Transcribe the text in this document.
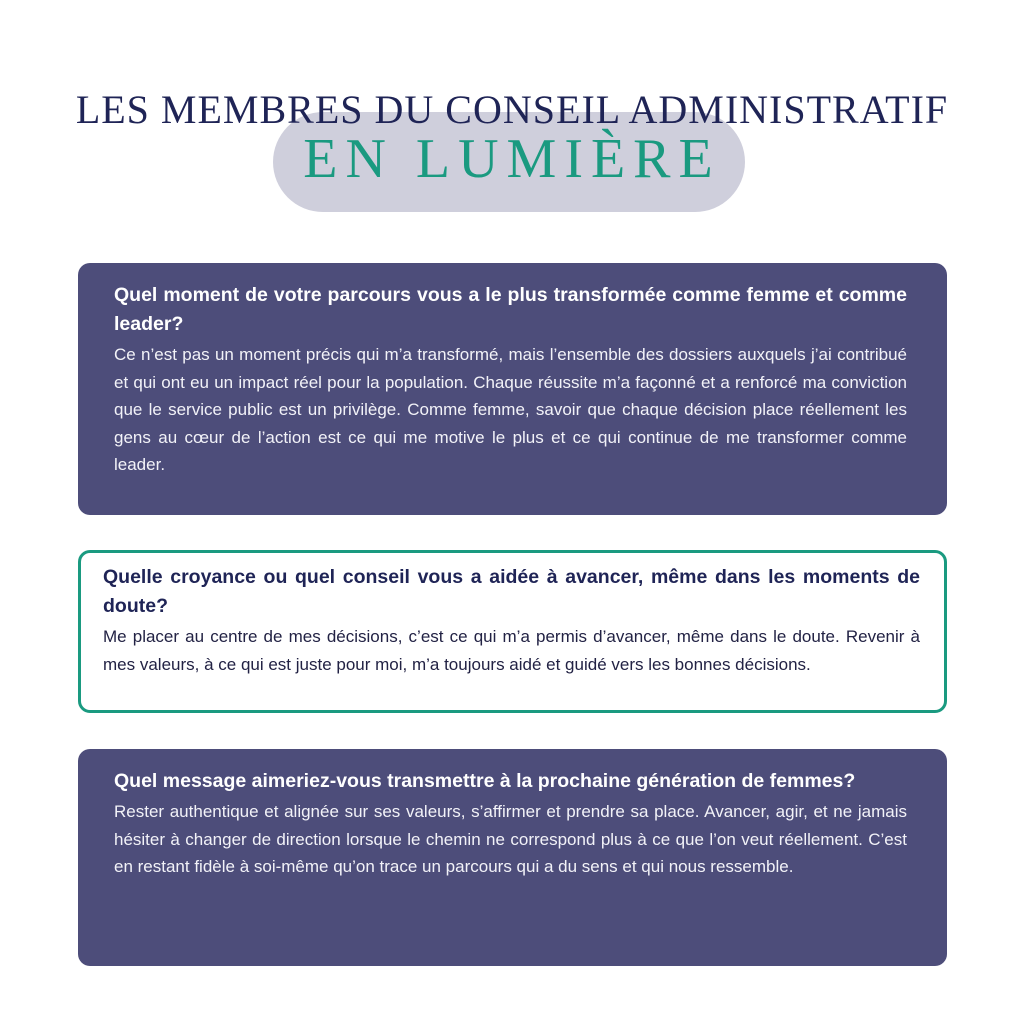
LES MEMBRES DU CONSEIL ADMINISTRATIF
EN LUMIÈRE

Quel moment de votre parcours vous a le plus transformée comme femme et comme leader?

Ce n’est pas un moment précis qui m’a transformé, mais l’ensemble des dossiers auxquels j’ai contribué et qui ont eu un impact réel pour la population. Chaque réussite m’a façonné et a renforcé ma conviction que le service public est un privilège. Comme femme, savoir que chaque décision place réellement les gens au cœur de l’action est ce qui me motive le plus et ce qui continue de me transformer comme leader.

Quelle croyance ou quel conseil vous a aidée à avancer, même dans les moments de doute?

Me placer au centre de mes décisions, c’est ce qui m’a permis d’avancer, même dans le doute. Revenir à mes valeurs, à ce qui est juste pour moi, m’a toujours aidé et guidé vers les bonnes décisions.

Quel message aimeriez-vous transmettre à la prochaine génération de femmes?

Rester authentique et alignée sur ses valeurs, s’affirmer et prendre sa place. Avancer, agir, et ne jamais hésiter à changer de direction lorsque le chemin ne correspond plus à ce que l’on veut réellement. C’est en restant fidèle à soi-même qu’on trace un parcours qui a du sens et qui nous ressemble.
